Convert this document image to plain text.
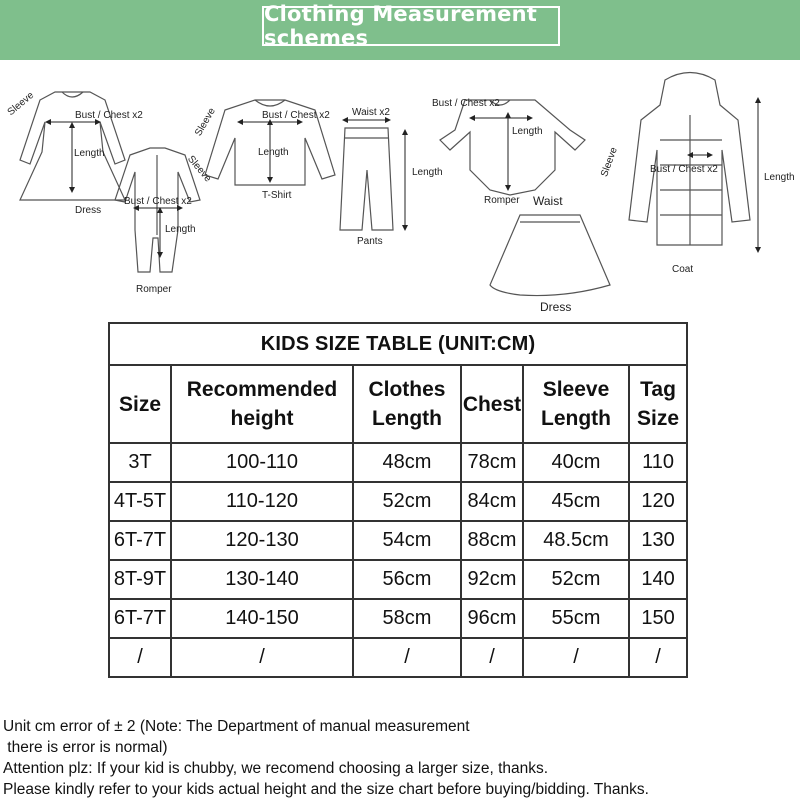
Clothing Measurement schemes
Sleeve	Bust / Chest x2
Length
Dress
Sleeve
Bust / Chest x2
Length
Romper
Sleeve	Bust / Chest x2
Length
T-Shirt
Waist x2
Length
Pants
Bust / Chest x2
Length
Romper Waist
Dress
Sleeve	Bust / Chest x2
Length
Coat
KIDS SIZE TABLE (UNIT:CM)					
Size	Recommended height	Clothes Length	Chest	Sleeve Length	Tag Size
3T	100-110	48cm	78cm	40cm	110
4T-5T	110-120	52cm	84cm	45cm	120
6T-7T	120-130	54cm	88cm	48.5cm	130
8T-9T	130-140	56cm	92cm	52cm	140
6T-7T	140-150	58cm	96cm	55cm	150
/	/	/	/	/	/
Unit cm error of ± 2 (Note: The Department of manual measurement
there is error is normal)
Attention plz: If your kid is chubby, we recomend choosing a larger size, thanks.
Please kindly refer to your kids actual height and the size chart before buying/bidding. Thanks.
